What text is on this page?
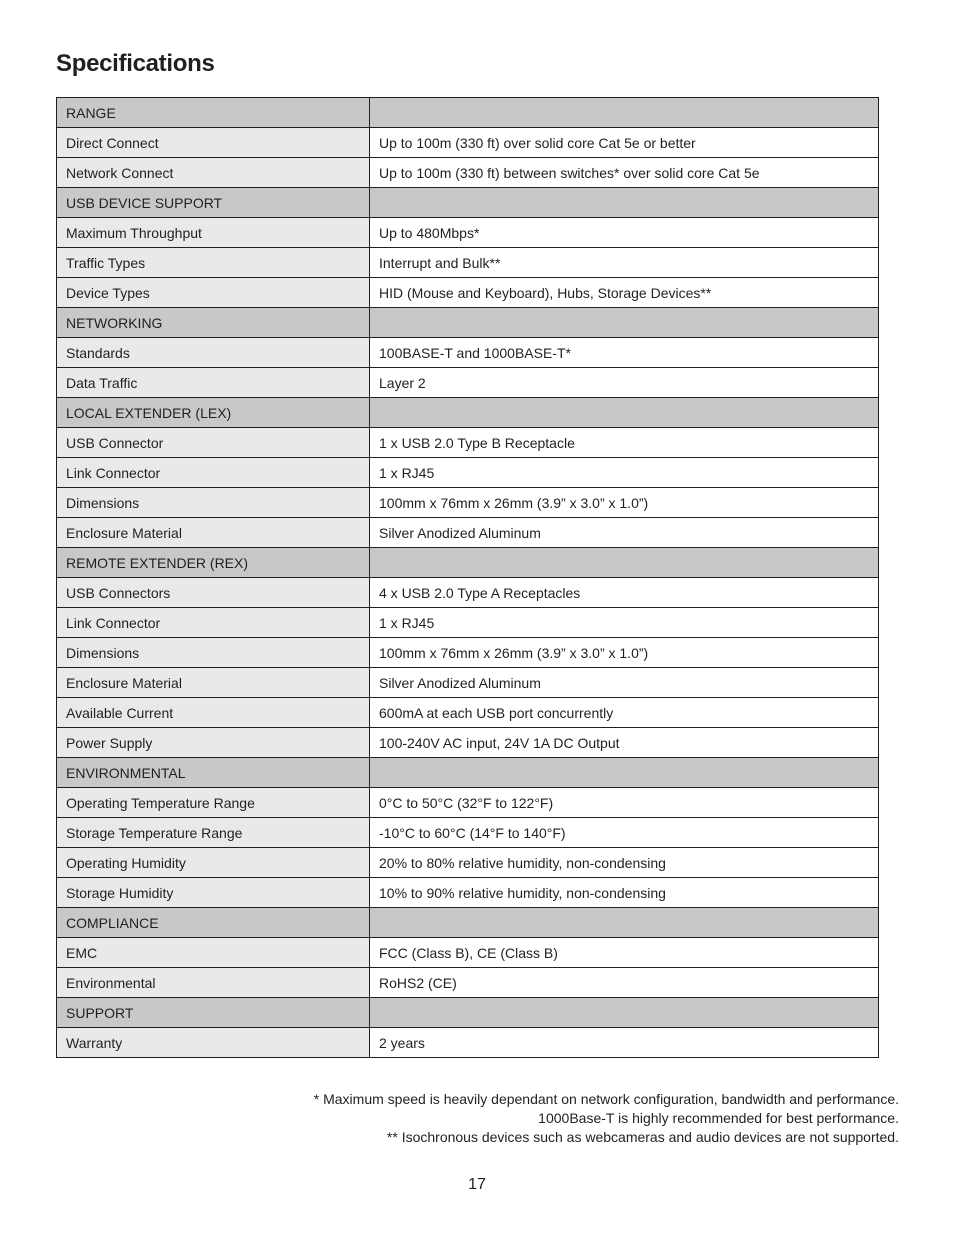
Specifications
RANGE	
Direct Connect	Up to 100m (330 ft) over solid core Cat 5e or better
Network Connect	Up to 100m (330 ft) between switches* over solid core Cat 5e
USB DEVICE SUPPORT	
Maximum Throughput	Up to 480Mbps*
Traffic Types	Interrupt and Bulk**
Device Types	HID (Mouse and Keyboard), Hubs, Storage Devices**
NETWORKING	
Standards	100BASE-T and 1000BASE-T*
Data Traffic	Layer 2
LOCAL EXTENDER (LEX)	
USB Connector	1 x USB 2.0 Type B Receptacle
Link Connector	1 x RJ45
Dimensions	100mm x 76mm x 26mm (3.9” x 3.0” x 1.0”)
Enclosure Material	Silver Anodized Aluminum
REMOTE EXTENDER (REX)	
USB Connectors	4 x USB 2.0 Type A Receptacles
Link Connector	1 x RJ45
Dimensions	100mm x 76mm x 26mm (3.9” x 3.0” x 1.0”)
Enclosure Material	Silver Anodized Aluminum
Available Current	600mA at each USB port concurrently
Power Supply	100-240V AC input, 24V 1A DC Output
ENVIRONMENTAL	
Operating Temperature Range	0°C to 50°C (32°F to 122°F)
Storage Temperature Range	-10°C to 60°C (14°F to 140°F)
Operating Humidity	20% to 80% relative humidity, non-condensing
Storage Humidity	10% to 90% relative humidity, non-condensing
COMPLIANCE	
EMC	FCC (Class B), CE (Class B)
Environmental	RoHS2 (CE)
SUPPORT	
Warranty	2 years
* Maximum speed is heavily dependant on network configuration, bandwidth and performance.
1000Base-T is highly recommended for best performance.
** Isochronous devices such as webcameras and audio devices are not supported.
17
